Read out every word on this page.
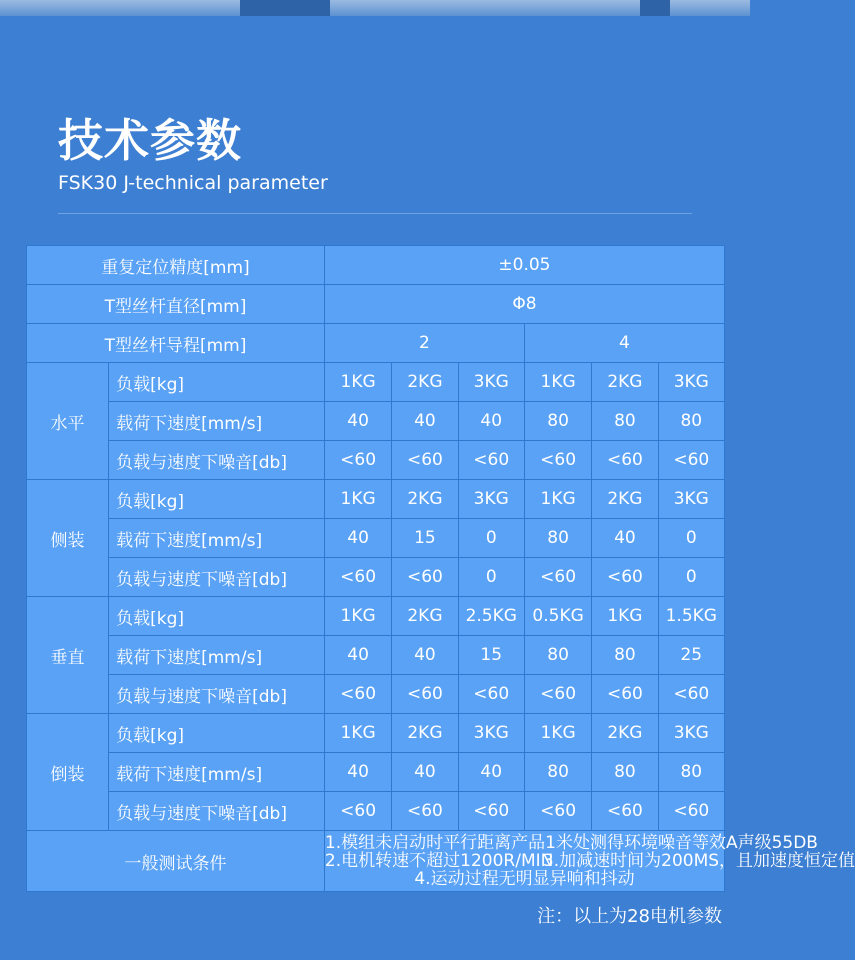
技术参数
FSK30 J-technical parameter
重复定位精度[mm]		±0.05					
T型丝杆直径[mm]		Φ8					
T型丝杆导程[mm]		2			4		
水平	负载[kg]	1KG	2KG	3KG	1KG	2KG	3KG
	载荷下速度[mm/s]	40	40	40	80	80	80
	负载与速度下噪音[db]	<60	<60	<60	<60	<60	<60
侧装	负载[kg]	1KG	2KG	3KG	1KG	2KG	3KG
	载荷下速度[mm/s]	40	15	0	80	40	0
	负载与速度下噪音[db]	<60	<60	0	<60	<60	0
垂直	负载[kg]	1KG	2KG	2.5KG	0.5KG	1KG	1.5KG
	载荷下速度[mm/s]	40	40	15	80	80	25
	负载与速度下噪音[db]	<60	<60	<60	<60	<60	<60
倒装	负载[kg]	1KG	2KG	3KG	1KG	2KG	3KG
	载荷下速度[mm/s]	40	40	40	80	80	80
	负载与速度下噪音[db]	<60	<60	<60	<60	<60	<60
一般测试条件		1.模组未启动时平行距离产品1米处测得环境噪音等效A声级55DB
2.电机转速不超过1200R/MIN3.加减速时间为200MS，且加速度恒定值
4.运动过程无明显异响和抖动					
注：以上为28电机参数
